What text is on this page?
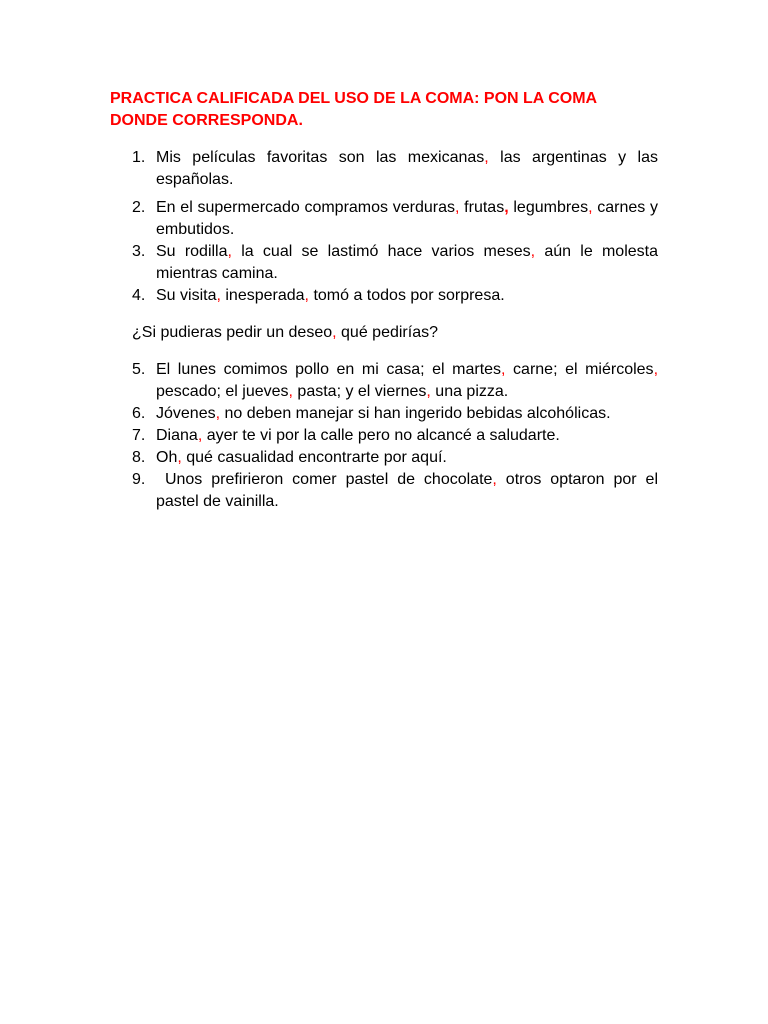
PRACTICA CALIFICADA DEL USO DE LA COMA: PON LA COMA DONDE CORRESPONDA.
1. Mis películas favoritas son las mexicanas, las argentinas y las españolas.
2. En el supermercado compramos verduras, frutas, legumbres, carnes y embutidos.
3. Su rodilla, la cual se lastimó hace varios meses, aún le molesta mientras camina.
4. Su visita, inesperada, tomó a todos por sorpresa.

¿Si pudieras pedir un deseo, qué pedirías?

5. El lunes comimos pollo en mi casa; el martes, carne; el miércoles, pescado; el jueves, pasta; y el viernes, una pizza.
6. Jóvenes, no deben manejar si han ingerido bebidas alcohólicas.
7. Diana, ayer te vi por la calle pero no alcancé a saludarte.
8. Oh, qué casualidad encontrarte por aquí.
9. Unos prefirieron comer pastel de chocolate, otros optaron por el pastel de vainilla.
